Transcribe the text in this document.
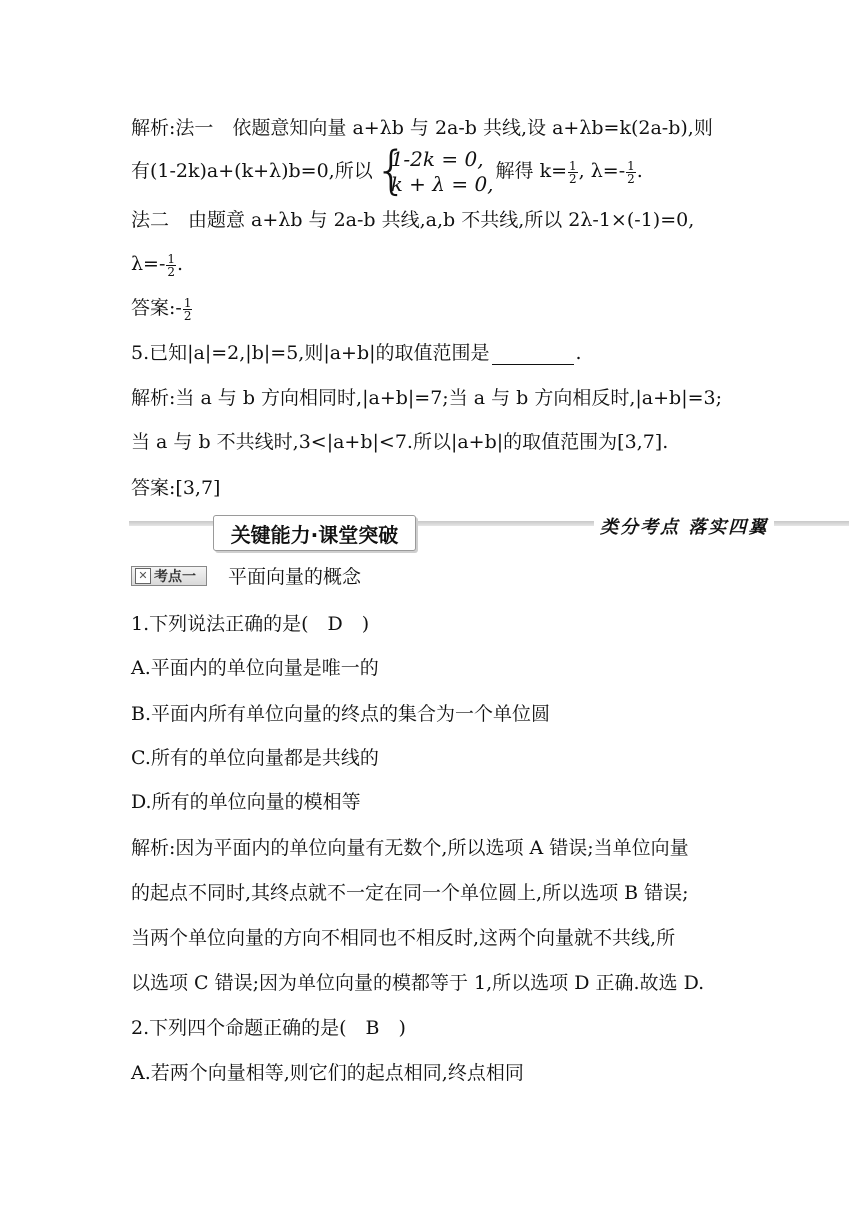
解析:法一　依题意知向量 a+λb 与 2a-b 共线,设 a+λb=k(2a-b),则
有(1-2k)a+(k+λ)b=0,所以 {
1-2k = 0,
k + λ = 0,
解得 $k= \frac{1}{2}$ , $\lambda=- \frac{1}{2}$ .
法二　由题意 a+λb 与 2a-b 共线,a,b 不共线,所以 2λ-1×(-1)=0,
$\lambda=- \frac{1}{2}$ .
答案:- $\frac{1}{2}$
5.已知|a|=2,|b|=5,则|a+b|的取值范围是	.
解析:当 a 与 b 方向相同时,|a+b|=7;当 a 与 b 方向相反时,|a+b|=3;
当 a 与 b 不共线时,3<|a+b|<7.所以|a+b|的取值范围为[3,7].
答案:[3,7]
关键能力·课堂突破	类分考点 落实四翼
✕ 考点一 平面向量的概念
1.下列说法正确的是(　D　)
A.平面内的单位向量是唯一的
B.平面内所有单位向量的终点的集合为一个单位圆
C.所有的单位向量都是共线的
D.所有的单位向量的模相等
解析:因为平面内的单位向量有无数个,所以选项 A 错误;当单位向量
的起点不同时,其终点就不一定在同一个单位圆上,所以选项 B 错误;
当两个单位向量的方向不相同也不相反时,这两个向量就不共线,所
以选项 C 错误;因为单位向量的模都等于 1,所以选项 D 正确.故选 D.
2.下列四个命题正确的是(　B　)
A.若两个向量相等,则它们的起点相同,终点相同
